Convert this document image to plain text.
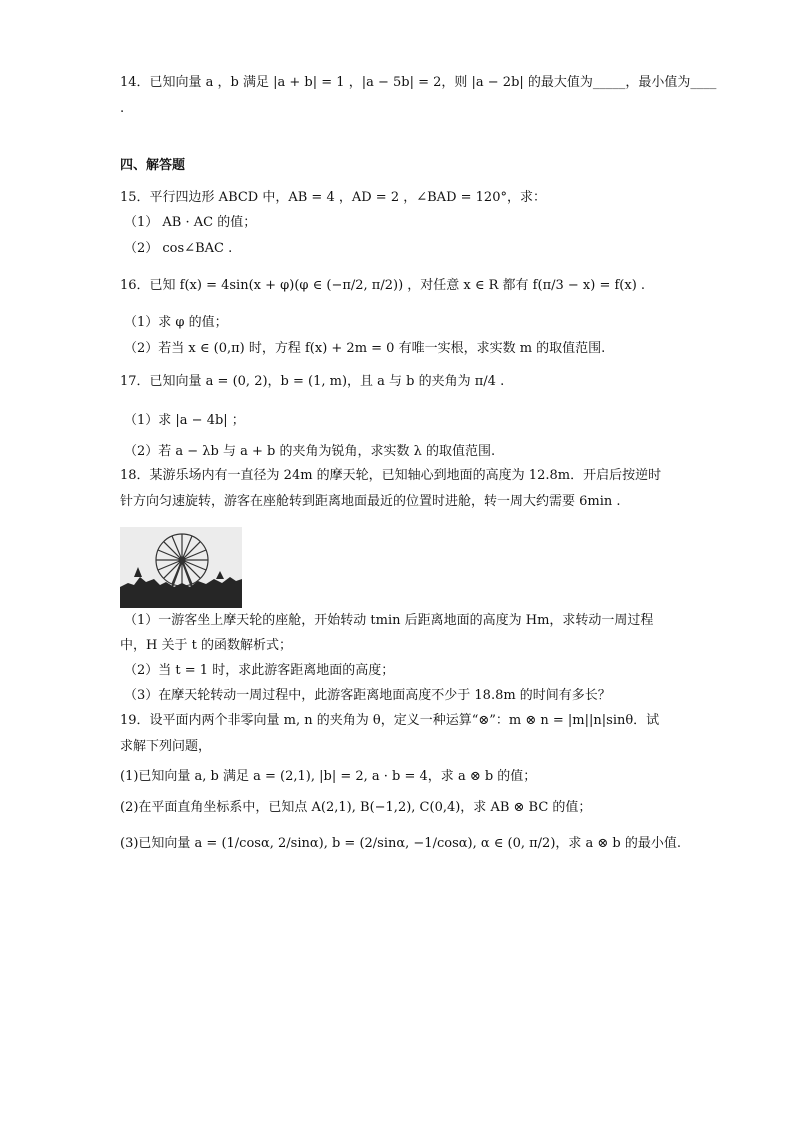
14．已知向量 a ，b 满足 |a + b| = 1 ，|a − 5b| = 2，则 |a − 2b| 的最大值为_____，最小值为____
.
四、解答题
15．平行四边形 ABCD 中，AB = 4 ，AD = 2 ，∠BAD = 120°，求：
（1） AB · AC 的值；
（2） cos∠BAC .
16．已知 f(x) = 4sin(x + φ)(φ ∈ (−π/2, π/2)) ，对任意 x ∈ R 都有 f(π/3 − x) = f(x) .
（1）求 φ 的值；
（2）若当 x ∈ (0,π) 时，方程 f(x) + 2m = 0 有唯一实根，求实数 m 的取值范围.
17．已知向量 a = (0, 2)，b = (1, m)，且 a 与 b 的夹角为 π/4 .
（1）求 |a − 4b| ；
（2）若 a − λb 与 a + b 的夹角为锐角，求实数 λ 的取值范围.
18．某游乐场内有一直径为 24m 的摩天轮，已知轴心到地面的高度为 12.8m．开启后按逆时
针方向匀速旋转，游客在座舱转到距离地面最近的位置时进舱，转一周大约需要 6min .
（1）一游客坐上摩天轮的座舱，开始转动 tmin 后距离地面的高度为 Hm，求转动一周过程
中，H 关于 t 的函数解析式；
（2）当 t = 1 时，求此游客距离地面的高度；
（3）在摩天轮转动一周过程中，此游客距离地面高度不少于 18.8m 的时间有多长？
19．设平面内两个非零向量 m, n 的夹角为 θ，定义一种运算“⊗”：m ⊗ n = |m||n|sinθ．试
求解下列问题，
(1)已知向量 a, b 满足 a = (2,1), |b| = 2, a · b = 4，求 a ⊗ b 的值；
(2)在平面直角坐标系中，已知点 A(2,1), B(−1,2), C(0,4)，求 AB ⊗ BC 的值；
(3)已知向量 a = (1/cosα, 2/sinα), b = (2/sinα, −1/cosα), α ∈ (0, π/2)，求 a ⊗ b 的最小值.
